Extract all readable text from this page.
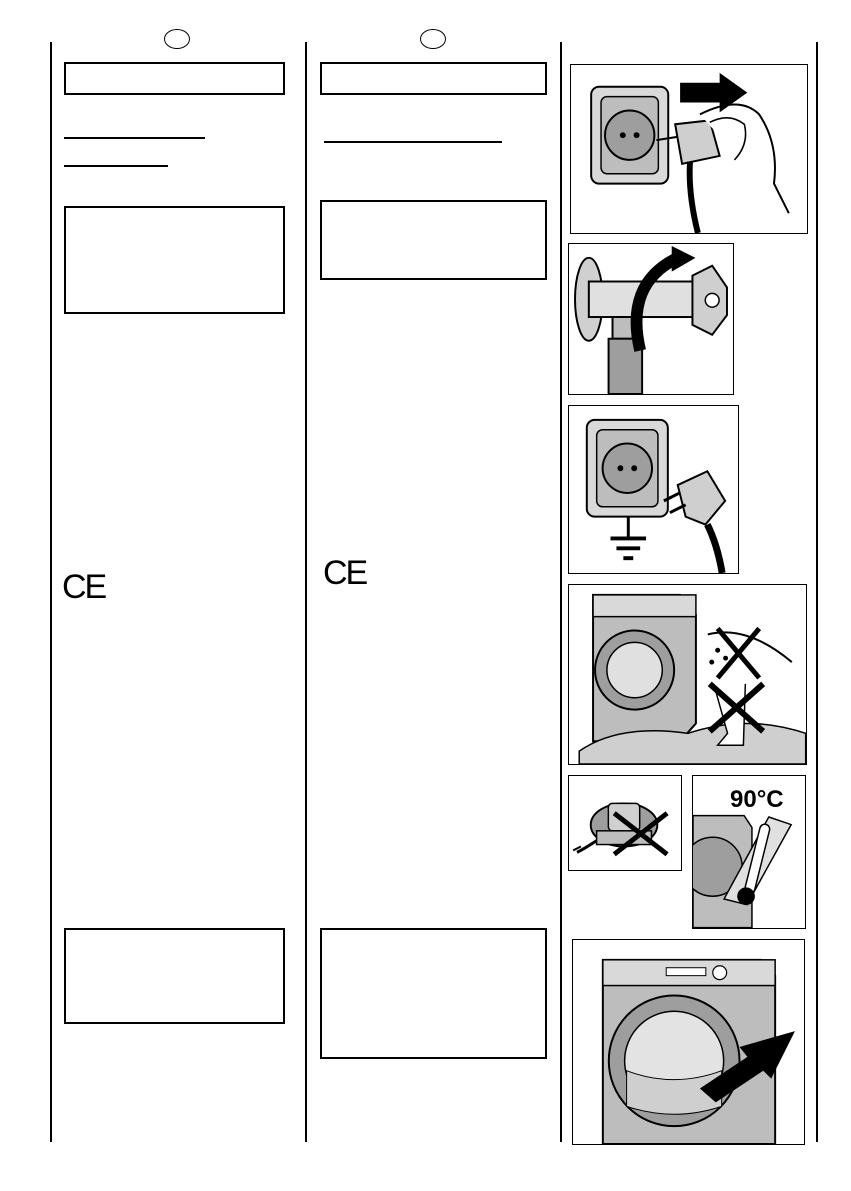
CE	CE
90°C
